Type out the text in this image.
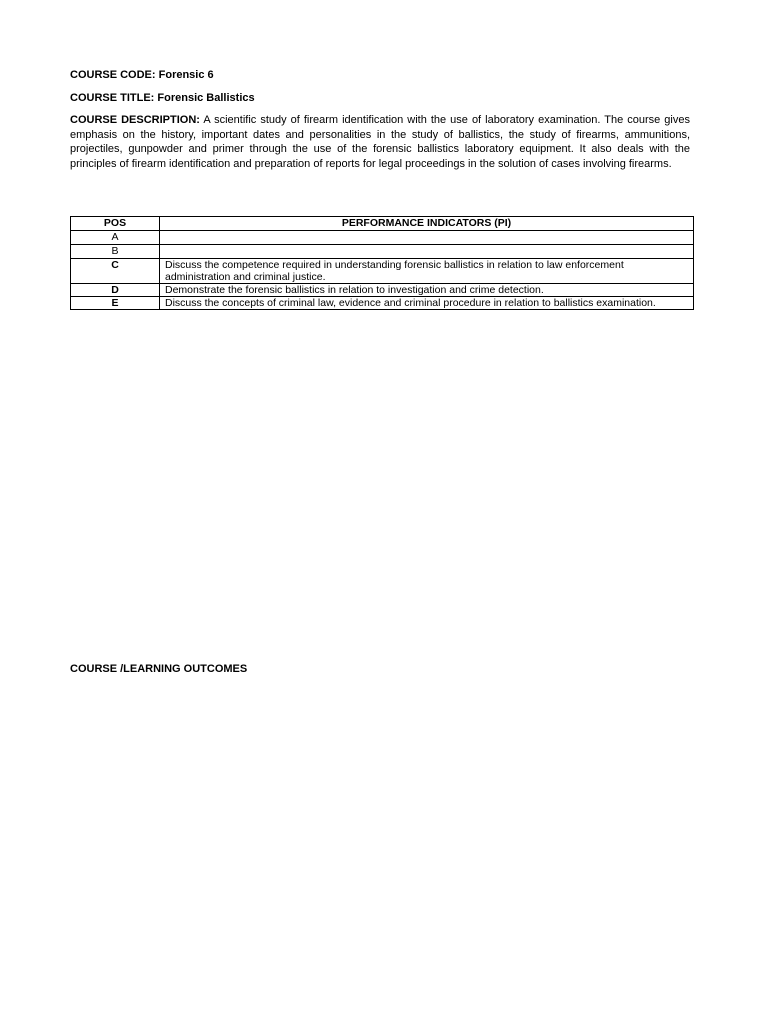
COURSE CODE: Forensic 6
COURSE TITLE: Forensic Ballistics
COURSE DESCRIPTION: A scientific study of firearm identification with the use of laboratory examination. The course gives emphasis on the history, important dates and personalities in the study of ballistics, the study of firearms, ammunitions, projectiles, gunpowder and primer through the use of the forensic ballistics laboratory equipment. It also deals with the principles of firearm identification and preparation of reports for legal proceedings in the solution of cases involving firearms.
POS	PERFORMANCE INDICATORS (PI)
A	
B	
C	Discuss the competence required in understanding forensic ballistics in relation to law enforcement administration and criminal justice.
D	Demonstrate the forensic ballistics in relation to investigation and crime detection.
E	Discuss the concepts of criminal law, evidence and criminal procedure in relation to ballistics examination.
COURSE /LEARNING OUTCOMES
